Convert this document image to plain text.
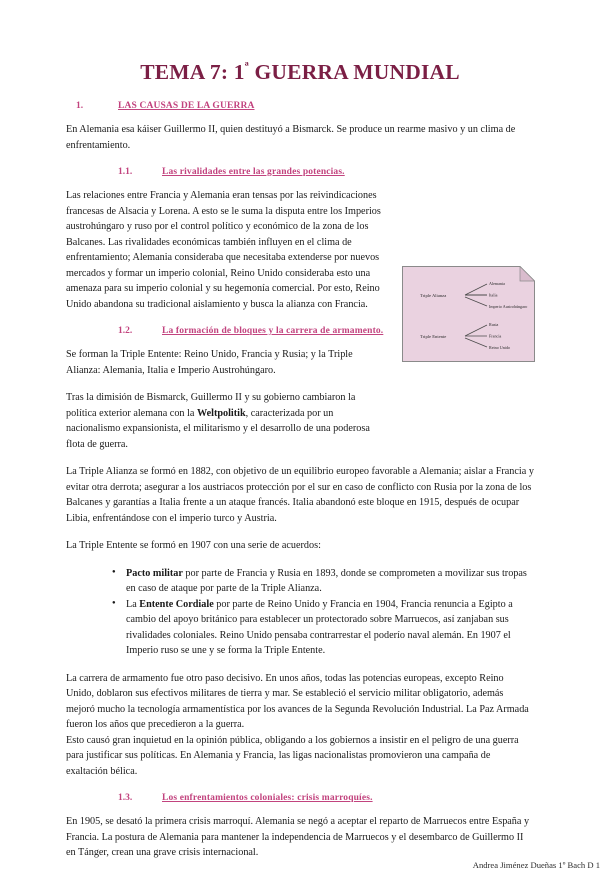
TEMA 7: $1^ª$ GUERRA MUNDIAL
1.	LAS CAUSAS DE LA GUERRA

En Alemania esa káiser Guillermo II, quien destituyó a Bismarck. Se produce un rearme masivo y un clima de enfrentamiento.

1.1.	Las rivalidades entre las grandes potencias.

Las relaciones entre Francia y Alemania eran tensas por las reivindicaciones francesas de Alsacia y Lorena. A esto se le suma la disputa entre los Imperios austrohúngaro y ruso por el control político y económico de la zona de los Balcanes. Las rivalidades económicas también influyen en el clima de enfrentamiento; Alemania consideraba que necesitaba extenderse por nuevos mercados y formar un imperio colonial, Reino Unido consideraba esto una amenaza para su imperio colonial y su hegemonía comercial. Por esto, Reino Unido abandona su tradicional aislamiento y busca la alianza con Francia.

1.2.	La formación de bloques y la carrera de armamento.

Se forman la Triple Entente: Reino Unido, Francia y Rusia; y la Triple Alianza: Alemania, Italia e Imperio Austrohúngaro.

Tras la dimisión de Bismarck, Guillermo II y su gobierno cambiaron la política exterior alemana con la Weltpolitik, caracterizada por un nacionalismo expansionista, el militarismo y el desarrollo de una poderosa flota de guerra.

La Triple Alianza se formó en 1882, con objetivo de un equilibrio europeo favorable a Alemania; aislar a Francia y evitar otra derrota; asegurar a los austriacos protección por el sur en caso de conflicto con Rusia por la zona de los Balcanes y garantías a Italia frente a un ataque francés. Italia abandonó este bloque en 1915, después de ocupar Libia, enfrentándose con el imperio turco y Austria.

La Triple Entente se formó en 1907 con una serie de acuerdos:

● Pacto militar por parte de Francia y Rusia en 1893, donde se comprometen a movilizar sus tropas en caso de ataque por parte de la Triple Alianza.
● La Entente Cordiale por parte de Reino Unido y Francia en 1904, Francia renuncia a Egipto a cambio del apoyo británico para establecer un protectorado sobre Marruecos, así zanjaban sus rivalidades coloniales. Reino Unido pensaba contrarrestar el poderío naval alemán. En 1907 el Imperio ruso se une y se forma la Triple Entente.

La carrera de armamento fue otro paso decisivo. En unos años, todas las potencias europeas, excepto Reino Unido, doblaron sus efectivos militares de tierra y mar. Se estableció el servicio militar obligatorio, además mejoró mucho la tecnología armamentística por los avances de la Segunda Revolución Industrial. La Paz Armada fueron los años que precedieron a la guerra.

Esto causó gran inquietud en la opinión pública, obligando a los gobiernos a insistir en el peligro de una guerra para justificar sus políticas. En Alemania y Francia, las ligas nacionalistas promovieron una campaña de exaltación bélica.

1.3.	Los enfrentamientos coloniales: crisis marroquíes.

En 1905, se desató la primera crisis marroquí. Alemania se negó a aceptar el reparto de Marruecos entre España y Francia. La postura de Alemania para mantener la independencia de Marruecos y el desembarco de Guillermo II en Tánger, crean una grave crisis internacional.

Andrea Jiménez Dueñas 1º Bach D 1
Triple Alianza
Alemania
Italia
Imperio Austrohúngaro
Triple Entente
Rusia
Francia
Reino Unido
